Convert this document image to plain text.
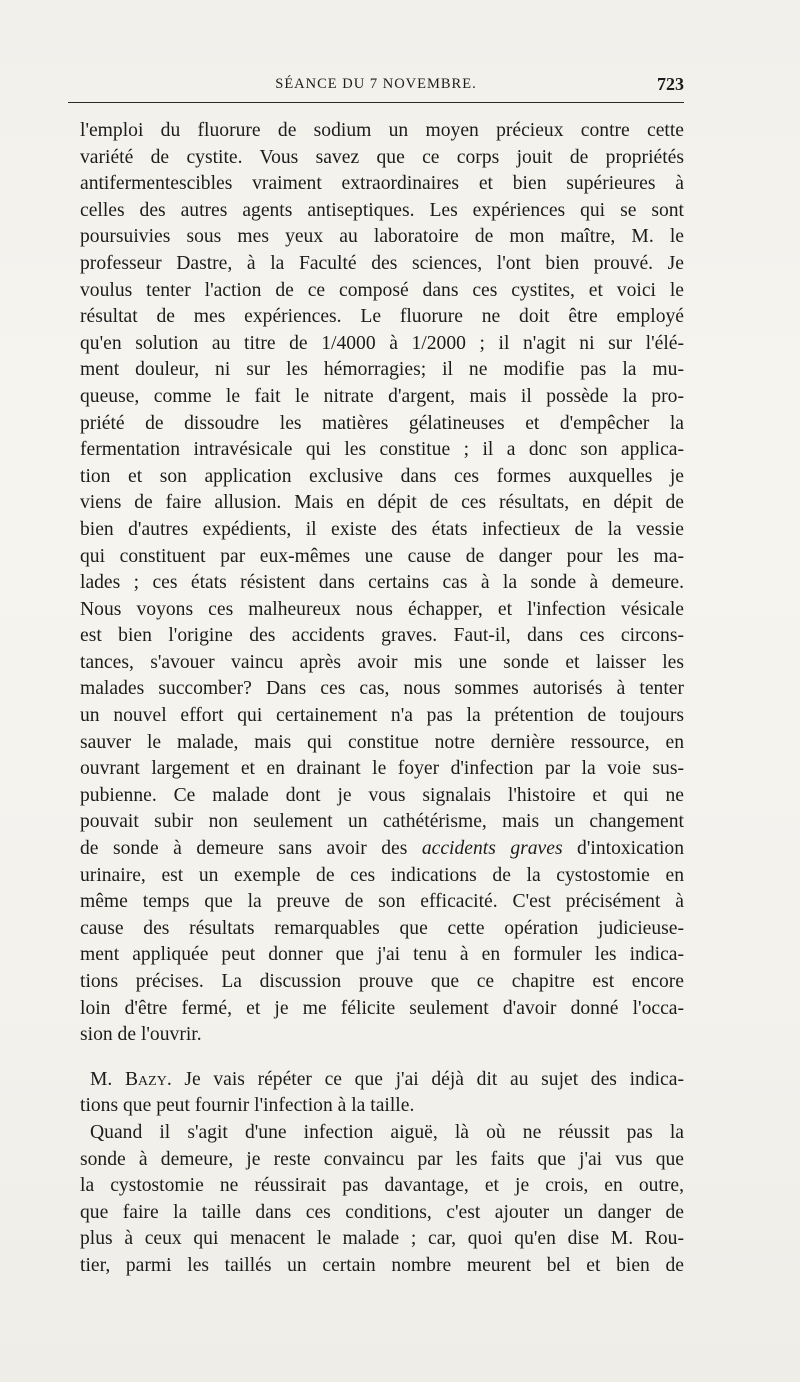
SÉANCE DU 7 NOVEMBRE.	723
l'emploi du fluorure de sodium un moyen précieux contre cette
variété de cystite. Vous savez que ce corps jouit de propriétés
antifermentescibles vraiment extraordinaires et bien supérieures à
celles des autres agents antiseptiques. Les expériences qui se sont
poursuivies sous mes yeux au laboratoire de mon maître, M. le
professeur Dastre, à la Faculté des sciences, l'ont bien prouvé. Je
voulus tenter l'action de ce composé dans ces cystites, et voici le
résultat de mes expériences. Le fluorure ne doit être employé
qu'en solution au titre de 1/4000 à 1/2000 ; il n'agit ni sur l'élé-
ment douleur, ni sur les hémorragies; il ne modifie pas la mu-
queuse, comme le fait le nitrate d'argent, mais il possède la pro-
priété de dissoudre les matières gélatineuses et d'empêcher la
fermentation intravésicale qui les constitue ; il a donc son applica-
tion et son application exclusive dans ces formes auxquelles je
viens de faire allusion. Mais en dépit de ces résultats, en dépit de
bien d'autres expédients, il existe des états infectieux de la vessie
qui constituent par eux-mêmes une cause de danger pour les ma-
lades ; ces états résistent dans certains cas à la sonde à demeure.
Nous voyons ces malheureux nous échapper, et l'infection vésicale
est bien l'origine des accidents graves. Faut-il, dans ces circons-
tances, s'avouer vaincu après avoir mis une sonde et laisser les
malades succomber? Dans ces cas, nous sommes autorisés à tenter
un nouvel effort qui certainement n'a pas la prétention de toujours
sauver le malade, mais qui constitue notre dernière ressource, en
ouvrant largement et en drainant le foyer d'infection par la voie sus-
pubienne. Ce malade dont je vous signalais l'histoire et qui ne
pouvait subir non seulement un cathétérisme, mais un changement
de sonde à demeure sans avoir des accidents graves d'intoxication
urinaire, est un exemple de ces indications de la cystostomie en
même temps que la preuve de son efficacité. C'est précisément à
cause des résultats remarquables que cette opération judicieuse-
ment appliquée peut donner que j'ai tenu à en formuler les indica-
tions précises. La discussion prouve que ce chapitre est encore
loin d'être fermé, et je me félicite seulement d'avoir donné l'occa-
sion de l'ouvrir.
M. Bazy. Je vais répéter ce que j'ai déjà dit au sujet des indica-
tions que peut fournir l'infection à la taille.
Quand il s'agit d'une infection aiguë, là où ne réussit pas la
sonde à demeure, je reste convaincu par les faits que j'ai vus que
la cystostomie ne réussirait pas davantage, et je crois, en outre,
que faire la taille dans ces conditions, c'est ajouter un danger de
plus à ceux qui menacent le malade ; car, quoi qu'en dise M. Rou-
tier, parmi les taillés un certain nombre meurent bel et bien de
